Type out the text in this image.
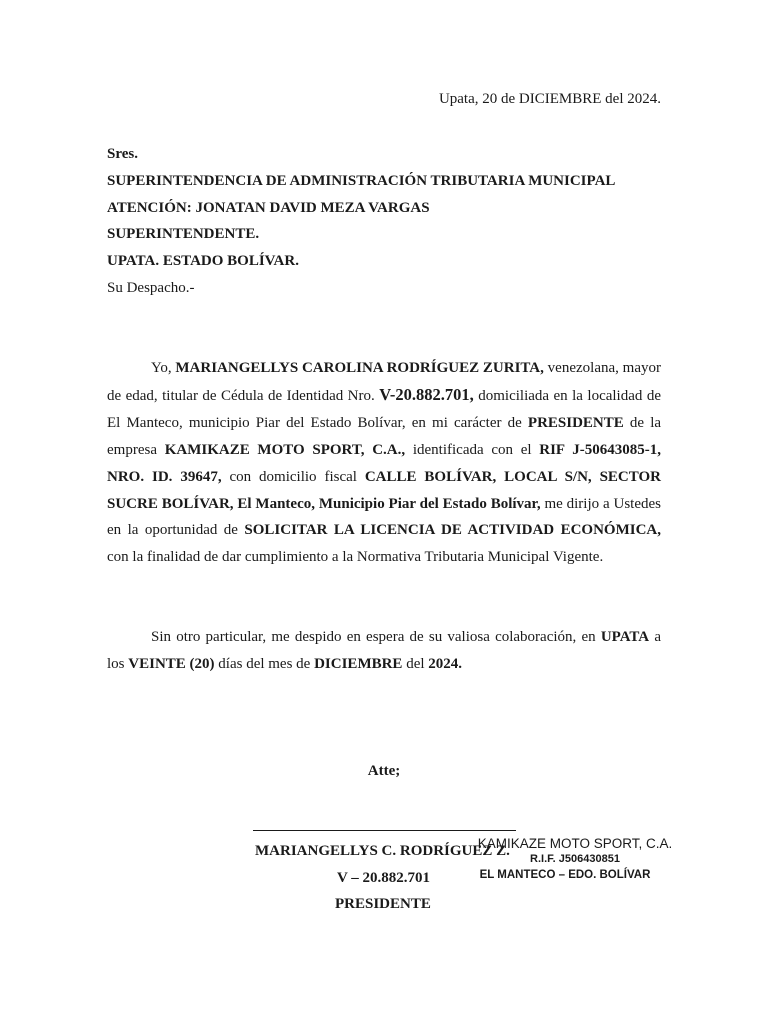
Upata, 20 de DICIEMBRE del 2024.
Sres.
SUPERINTENDENCIA DE ADMINISTRACIÓN TRIBUTARIA MUNICIPAL
ATENCIÓN: JONATAN DAVID MEZA VARGAS
SUPERINTENDENTE.
UPATA. ESTADO BOLÍVAR.
Su Despacho.-
Yo, MARIANGELLYS CAROLINA RODRÍGUEZ ZURITA, venezolana, mayor de edad, titular de Cédula de Identidad Nro. V-20.882.701, domiciliada en la localidad de El Manteco, municipio Piar del Estado Bolívar, en mi carácter de PRESIDENTE de la empresa KAMIKAZE MOTO SPORT, C.A., identificada con el RIF J-50643085-1, NRO. ID. 39647, con domicilio fiscal CALLE BOLÍVAR, LOCAL S/N, SECTOR SUCRE BOLÍVAR, El Manteco, Municipio Piar del Estado Bolívar, me dirijo a Ustedes en la oportunidad de SOLICITAR LA LICENCIA DE ACTIVIDAD ECONÓMICA, con la finalidad de dar cumplimiento a la Normativa Tributaria Municipal Vigente.
Sin otro particular, me despido en espera de su valiosa colaboración, en UPATA a los VEINTE (20) días del mes de DICIEMBRE del 2024.
Atte;
MARIANGELLYS C. RODRÍGUEZ Z.
V – 20.882.701
PRESIDENTE
KAMIKAZE MOTO SPORT, C.A.
R.I.F. J506430851
EL MANTECO – EDO. BOLÍVAR
